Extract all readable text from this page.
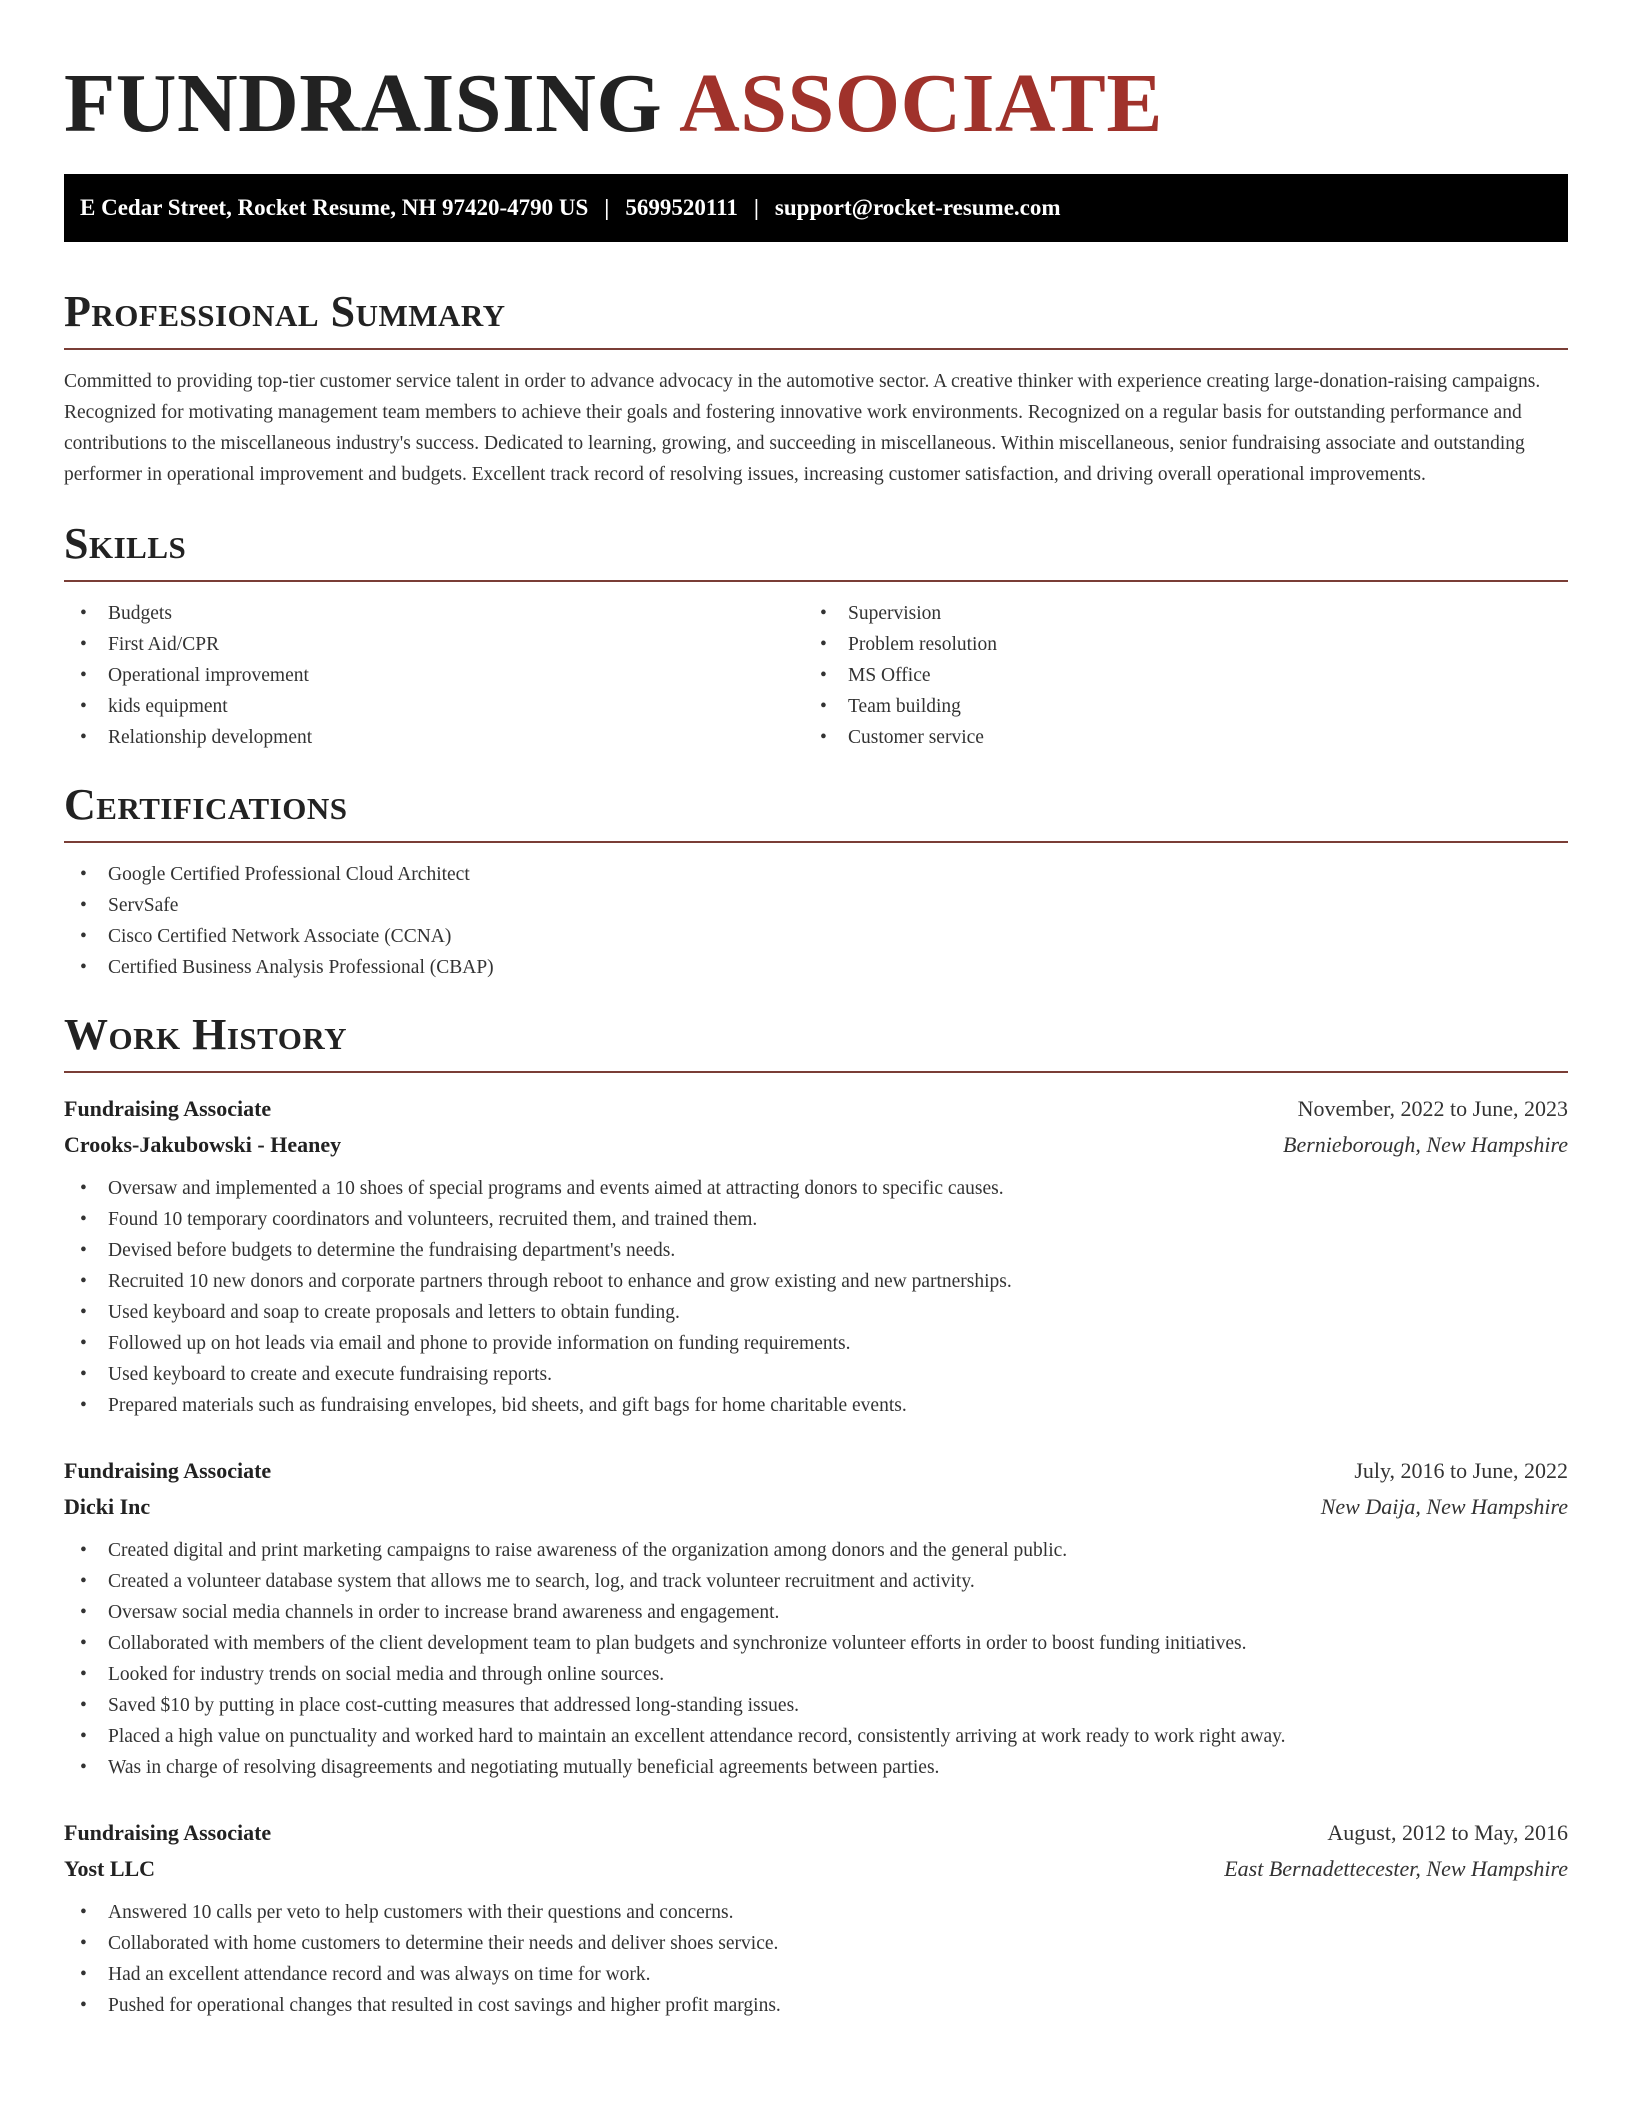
FUNDRAISING ASSOCIATE
E Cedar Street, Rocket Resume, NH 97420-4790 US | 5699520111 | support@rocket-resume.com
Professional Summary

Committed to providing top-tier customer service talent in order to advance advocacy in the automotive sector. A creative thinker with experience creating large-donation-raising campaigns. Recognized for motivating management team members to achieve their goals and fostering innovative work environments. Recognized on a regular basis for outstanding performance and contributions to the miscellaneous industry's success. Dedicated to learning, growing, and succeeding in miscellaneous. Within miscellaneous, senior fundraising associate and outstanding performer in operational improvement and budgets. Excellent track record of resolving issues, increasing customer satisfaction, and driving overall operational improvements.

Skills
• Budgets
• First Aid/CPR
• Operational improvement
• kids equipment
• Relationship development
• Supervision
• Problem resolution
• MS Office
• Team building
• Customer service
Certifications
• Google Certified Professional Cloud Architect
• ServSafe
• Cisco Certified Network Associate (CCNA)
• Certified Business Analysis Professional (CBAP)
Work History
Fundraising Associate	November, 2022 to June, 2023
Crooks-Jakubowski - Heaney	Bernieborough, New Hampshire
• Oversaw and implemented a 10 shoes of special programs and events aimed at attracting donors to specific causes.
• Found 10 temporary coordinators and volunteers, recruited them, and trained them.
• Devised before budgets to determine the fundraising department's needs.
• Recruited 10 new donors and corporate partners through reboot to enhance and grow existing and new partnerships.
• Used keyboard and soap to create proposals and letters to obtain funding.
• Followed up on hot leads via email and phone to provide information on funding requirements.
• Used keyboard to create and execute fundraising reports.
• Prepared materials such as fundraising envelopes, bid sheets, and gift bags for home charitable events.
Fundraising Associate	July, 2016 to June, 2022
Dicki Inc	New Daija, New Hampshire
• Created digital and print marketing campaigns to raise awareness of the organization among donors and the general public.
• Created a volunteer database system that allows me to search, log, and track volunteer recruitment and activity.
• Oversaw social media channels in order to increase brand awareness and engagement.
• Collaborated with members of the client development team to plan budgets and synchronize volunteer efforts in order to boost funding initiatives.
• Looked for industry trends on social media and through online sources.
• Saved $10 by putting in place cost-cutting measures that addressed long-standing issues.
• Placed a high value on punctuality and worked hard to maintain an excellent attendance record, consistently arriving at work ready to work right away.
• Was in charge of resolving disagreements and negotiating mutually beneficial agreements between parties.
Fundraising Associate	August, 2012 to May, 2016
Yost LLC	East Bernadettecester, New Hampshire
• Answered 10 calls per veto to help customers with their questions and concerns.
• Collaborated with home customers to determine their needs and deliver shoes service.
• Had an excellent attendance record and was always on time for work.
• Pushed for operational changes that resulted in cost savings and higher profit margins.
